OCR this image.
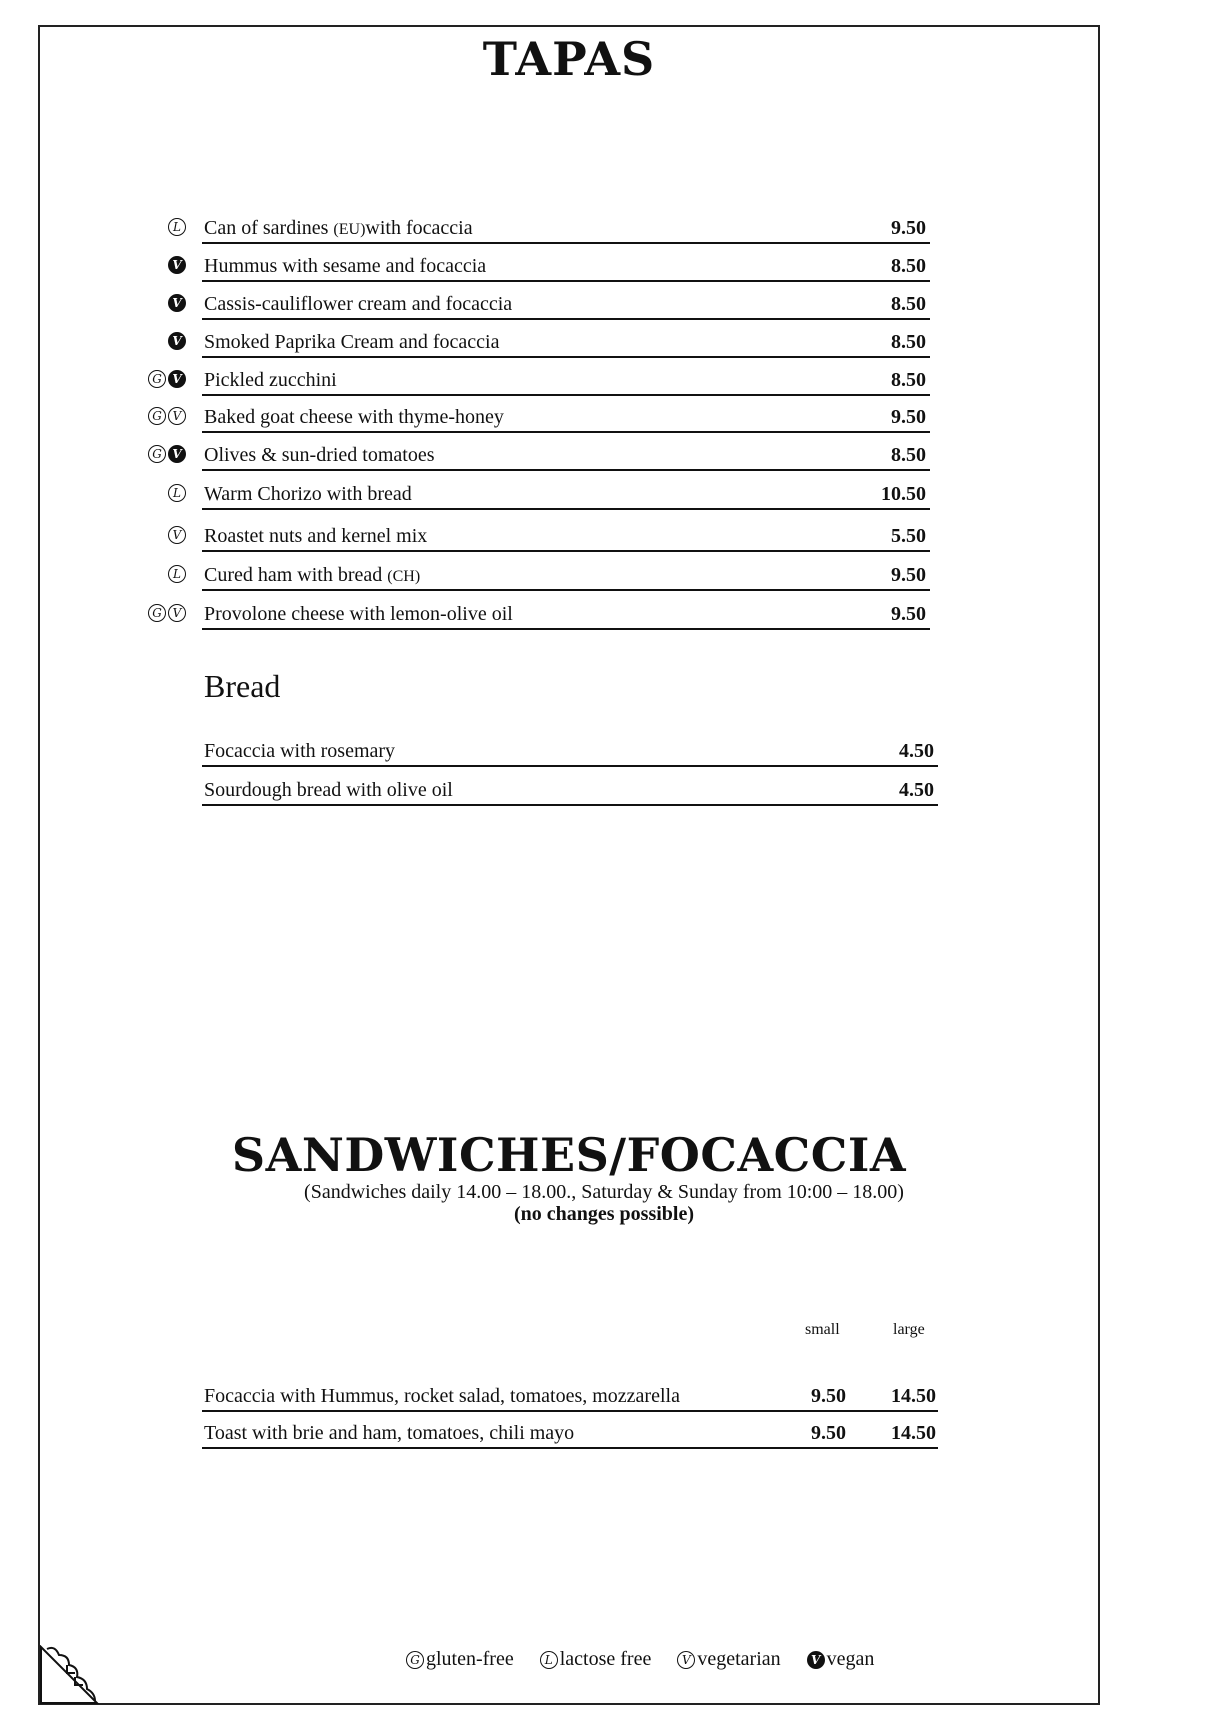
TAPAS
L Can of sardines (EU)with focaccia	9.50
V Hummus with sesame and focaccia	8.50
V Cassis-cauliflower cream and focaccia	8.50
V Smoked Paprika Cream and focaccia	8.50
G V Pickled zucchini	8.50
G V Baked goat cheese with thyme-honey	9.50
G V Olives & sun-dried tomatoes	8.50
L Warm Chorizo with bread	10.50
V Roastet nuts and kernel mix	5.50
L Cured ham with bread (CH)	9.50
G V Provolone cheese with lemon-olive oil	9.50
Bread
Focaccia with rosemary	4.50
Sourdough bread with olive oil	4.50
SANDWICHES/FOCACCIA
(Sandwiches daily 14.00 – 18.00., Saturday & Sunday from 10:00 – 18.00)
(no changes possible)
small	large
Focaccia with Hummus, rocket salad, tomatoes, mozzarella	9.50 14.50
Toast with brie and ham, tomatoes, chili mayo	9.50 14.50
G gluten-free	L lactose free	V vegetarian	V vegan
